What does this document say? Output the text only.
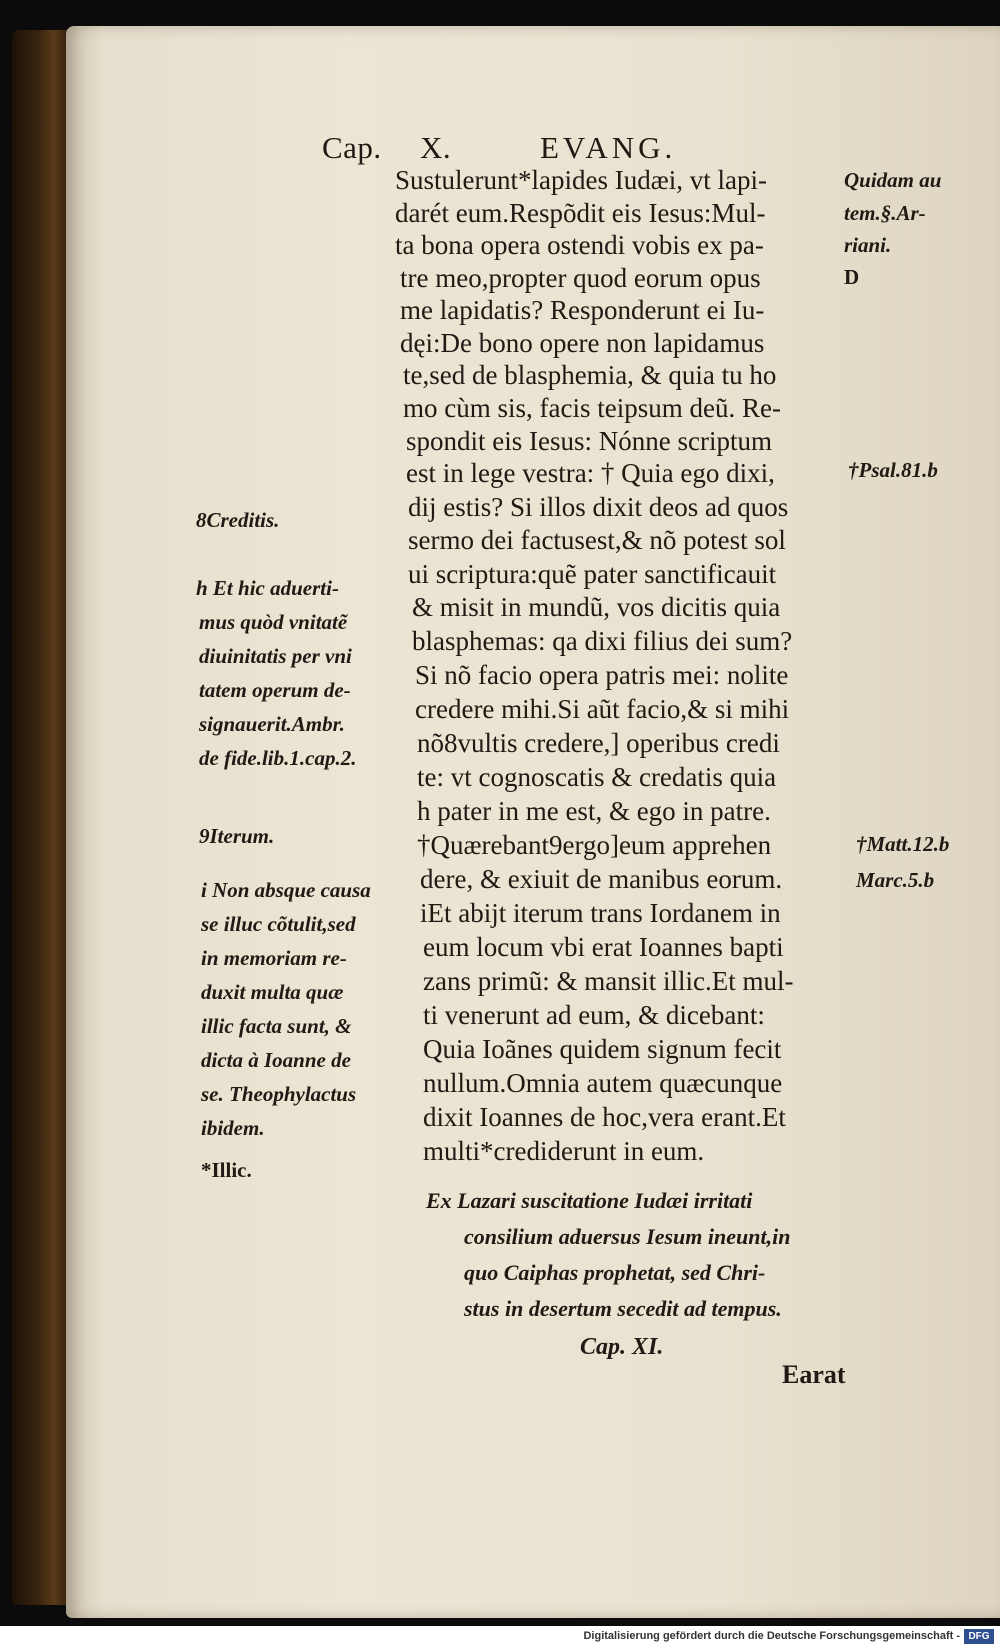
Cap. X.	EVANG.
Sustulerunt*lapides Iudæi, vt lapi-
darét eum.Respõdit eis Iesus:Mul-
ta bona opera ostendi vobis ex pa-
tre meo,propter quod eorum opus
me lapidatis? Responderunt ei Iu-
dęi:De bono opere non lapidamus
te,sed de blasphemia, & quia tu ho
mo cùm sis, facis teipsum deũ. Re-
spondit eis Iesus: Nónne scriptum
est in lege vestra: † Quia ego dixi,
dij estis? Si illos dixit deos ad quos
sermo dei factusest,& nõ potest sol
ui scriptura:quẽ pater sanctificauit
& misit in mundũ, vos dicitis quia
blasphemas: qa dixi filius dei sum?
Si nõ facio opera patris mei: nolite
credere mihi.Si aũt facio,& si mihi
nõ8vultis credere,] operibus credi
te: vt cognoscatis & credatis quia
h pater in me est, & ego in patre.
†Quærebant9ergo]eum apprehen
dere, & exiuit de manibus eorum.
iEt abijt iterum trans Iordanem in
eum locum vbi erat Ioannes bapti
zans primũ: & mansit illic.Et mul-
ti venerunt ad eum, & dicebant:
Quia Ioãnes quidem signum fecit
nullum.Omnia autem quæcunque
dixit Ioannes de hoc,vera erant.Et
multi*crediderunt in eum.
Quidam au
tem.§.Ar-
riani.
D
†Psal.81.b
†Matt.12.b
Marc.5.b
8Creditis.
h Et hic aduerti-
mus quòd vnitatẽ
diuinitatis per vni
tatem operum de-
signauerit.Ambr.
de fide.lib.1.cap.2.
9Iterum.
i Non absque causa
se illuc cõtulit,sed
in memoriam re-
duxit multa quæ
illic facta sunt, &
dicta à Ioanne de
se. Theophylactus
ibidem.
*Illic.
Ex Lazari suscitatione Iudæi irritati
consilium aduersus Iesum ineunt,in
quo Caiphas prophetat, sed Chri-
stus in desertum secedit ad tempus.
Cap. XI.
Earat
Digitalisierung gefördert durch die Deutsche Forschungsgemeinschaft - DFG
